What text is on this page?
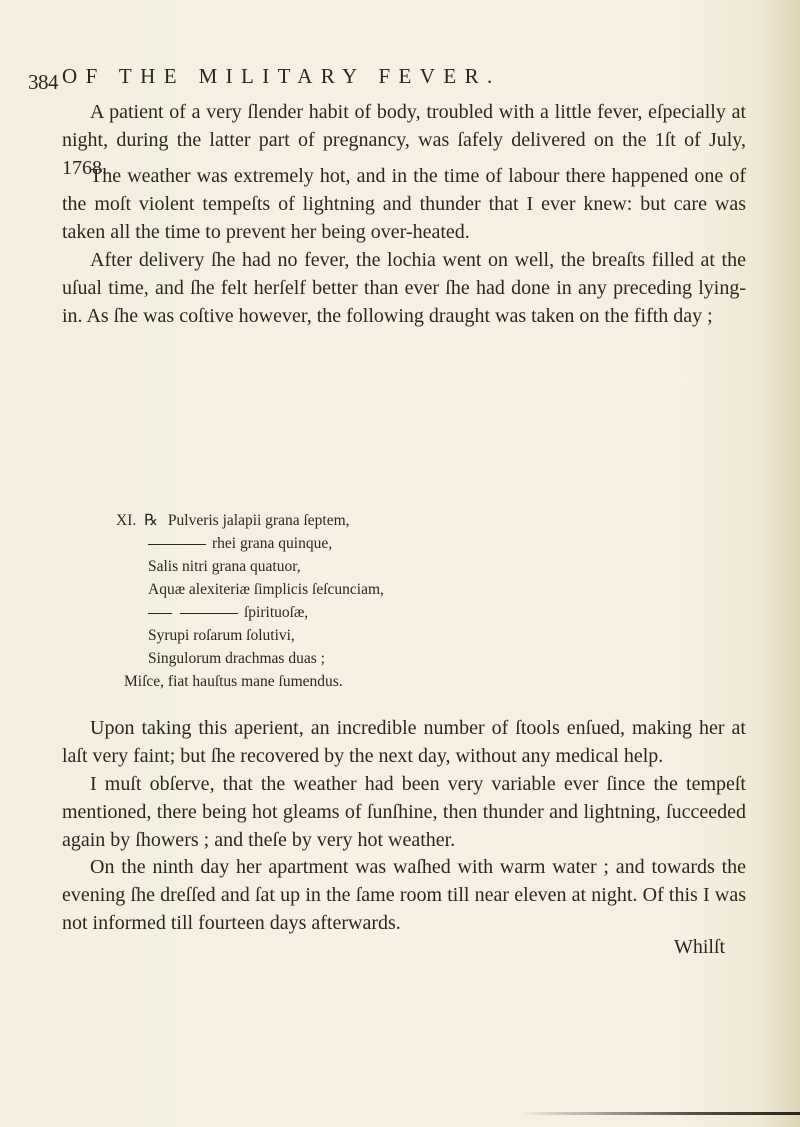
384 OF THE MILITARY FEVER.

A patient of a very ſlender habit of body, troubled with a little fever, eſpecially at night, during the latter part of pregnancy, was ſafely delivered on the 1ſt of July, 1768.

The weather was extremely hot, and in the time of labour there happened one of the moſt violent tempeſts of lightning and thunder that I ever knew: but care was taken all the time to prevent her being over-heated.

After delivery ſhe had no fever, the lochia went on well, the breaſts filled at the uſual time, and ſhe felt herſelf better than ever ſhe had done in any preceding lying-in. As ſhe was coſtive however, the following draught was taken on the fifth day ;

XI. ℞ Pulveris jalapii grana ſeptem,
rhei grana quinque,
Salis nitri grana quatuor,
Aquæ alexiteriæ ſimplicis ſeſcunciam,
ſpirituoſæ,
Syrupi roſarum ſolutivi,
Singulorum drachmas duas ;
Miſce, fiat hauſtus mane ſumendus.

Upon taking this aperient, an incredible number of ſtools enſued, making her at laſt very faint; but ſhe recovered by the next day, without any medical help.

I muſt obſerve, that the weather had been very variable ever ſince the tempeſt mentioned, there being hot gleams of ſunſhine, then thunder and lightning, ſucceeded again by ſhowers ; and theſe by very hot weather.

On the ninth day her apartment was waſhed with warm water ; and towards the evening ſhe dreſſed and ſat up in the ſame room till near eleven at night. Of this I was not informed till fourteen days afterwards.

Whilſt
